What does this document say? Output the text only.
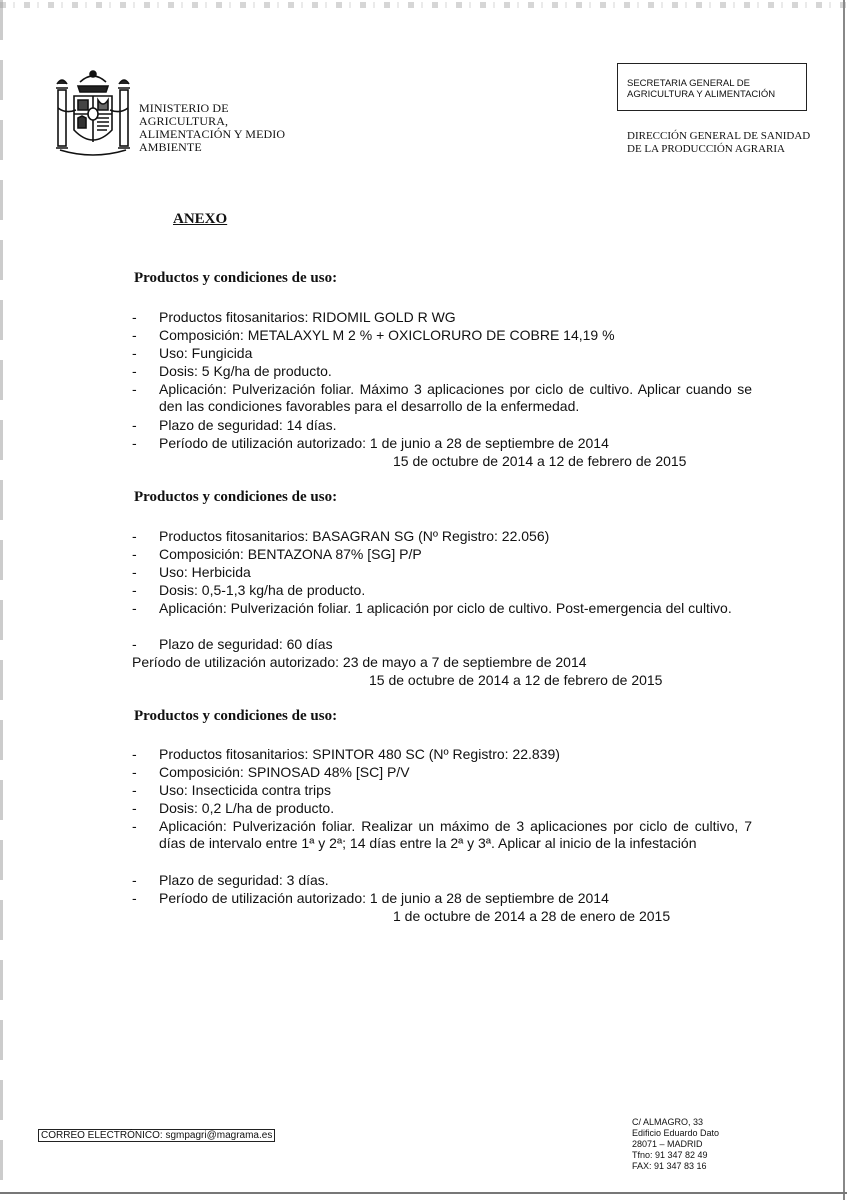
MINISTERIO DE
AGRICULTURA,
ALIMENTACIÓN Y MEDIO
AMBIENTE
SECRETARIA GENERAL DE
AGRICULTURA Y ALIMENTACIÓN
DIRECCIÓN GENERAL DE SANIDAD
DE LA PRODUCCIÓN AGRARIA
ANEXO
Productos y condiciones de uso:
- Productos fitosanitarios: RIDOMIL GOLD R WG
- Composición: METALAXYL M 2 % + OXICLORURO DE COBRE 14,19 %
- Uso: Fungicida
- Dosis: 5 Kg/ha de producto.
- Aplicación: Pulverización foliar. Máximo 3 aplicaciones por ciclo de cultivo. Aplicar cuando se den las condiciones favorables para el desarrollo de la enfermedad.
- Plazo de seguridad: 14 días.
- Período de utilización autorizado: 1 de junio a 28 de septiembre de 2014
15 de octubre de 2014 a 12 de febrero de 2015
Productos y condiciones de uso:
- Productos fitosanitarios: BASAGRAN SG (Nº Registro: 22.056)
- Composición: BENTAZONA 87% [SG] P/P
- Uso: Herbicida
- Dosis: 0,5-1,3 kg/ha de producto.
- Aplicación: Pulverización foliar. 1 aplicación por ciclo de cultivo. Post-emergencia del cultivo.
- Plazo de seguridad: 60 días
Período de utilización autorizado: 23 de mayo a 7 de septiembre de 2014
15 de octubre de 2014 a 12 de febrero de 2015
Productos y condiciones de uso:
- Productos fitosanitarios: SPINTOR 480 SC (Nº Registro: 22.839)
- Composición: SPINOSAD 48% [SC] P/V
- Uso: Insecticida contra trips
- Dosis: 0,2 L/ha de producto.
- Aplicación: Pulverización foliar. Realizar un máximo de 3 aplicaciones por ciclo de cultivo, 7 días de intervalo entre 1ª y 2ª; 14 días entre la 2ª y 3ª. Aplicar al inicio de la infestación
- Plazo de seguridad: 3 días.
- Período de utilización autorizado: 1 de junio a 28 de septiembre de 2014
1 de octubre de 2014 a 28 de enero de 2015
CORREO ELECTRÓNICO: sgmpagri@magrama.es
C/ ALMAGRO, 33
Edificio Eduardo Dato
28071 – MADRID
Tfno: 91 347 82 49
FAX: 91 347 83 16
